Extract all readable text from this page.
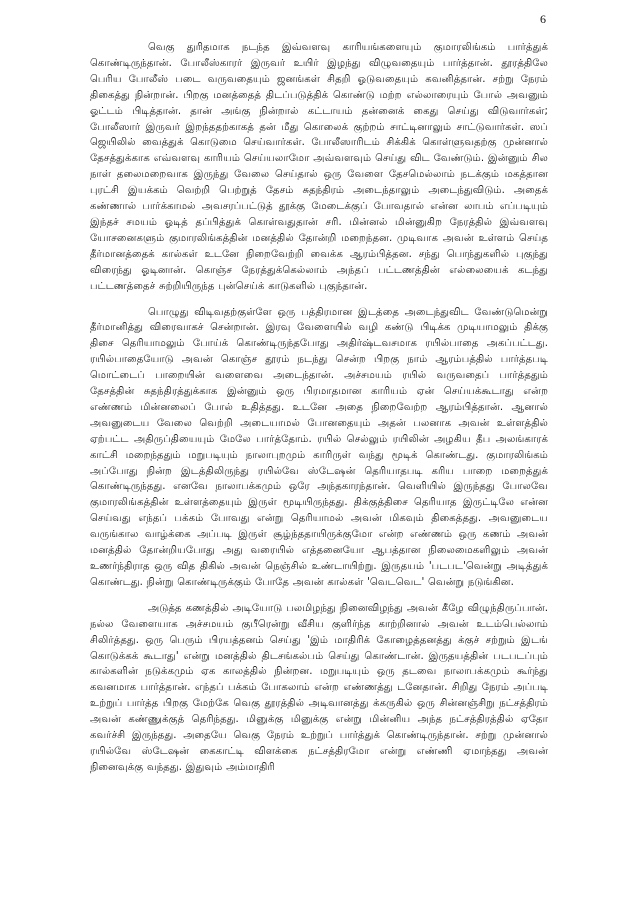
6

வெகு துரிதமாக நடந்த இவ்வளவு காரியங்களையும் குமாரலிங்கம் பார்த்துக் கொண்டிருந்தான். போலீஸ்காரர் இருவர் உயிர் இழந்து விழுவதையும் பார்த்தான். தூரத்திலே பெரிய போலீஸ் படை வருவதையும் ஜனங்கள் சிதறி ஓடுவதையும் கவனித்தான். சற்று நேரம் திகைத்து நின்றான். பிறகு மனத்தைத் திடப்படுத்திக் கொண்டு மற்ற எல்லாரையும் போல் அவனும் ஓட்டம் பிடித்தான். தான் அங்கு நின்றால் கட்டாயம் தன்னைக் கைது செய்து விடுவார்கள்; போலீஸார் இருவர் இறந்ததற்காகத் தன் மீது கொலைக் குற்றம் சாட்டினாலும் சாட்டுவார்கள். ஸப் ஜெயிலில் வைத்துக் கொடுமை செய்வார்கள். போலீஸாரிடம் சிக்கிக் கொள்ளுவதற்கு முன்னால் தேசத்துக்காக எவ்வளவு காரியம் செய்யலாமோ அவ்வளவும் செய்து விட வேண்டும். இன்னும் சில நாள் தலைமறைவாக இருந்து வேலை செய்தால் ஒரு வேளை தேசமெல்லாம் நடக்கும் மகத்தான புரட்சி இயக்கம் வெற்றி பெற்றுத் தேசம் சுதந்திரம் அடைந்தாலும் அடைந்துவிடும். அதைக் கண்ணால் பார்க்காமல் அவசரப்பட்டுத் தூக்கு மேடைக்குப் போவதால் என்ன லாபம் எப்படியும் இந்தச் சமயம் ஓடித் தப்பித்துக் கொள்வதுதான் சரி. மின்னல் மின்னுகிற நேரத்தில் இவ்வளவு யோசனைகளும் குமாரலிங்கத்தின் மனத்தில் தோன்றி மறைந்தன. முடிவாக அவன் உள்ளம் செய்த தீர்மானத்தைக் கால்கள் உடனே நிறைவேற்றி வைக்க ஆரம்பித்தன. சந்து பொந்துகளில் புகுந்து விரைந்து ஓடினான். கொஞ்ச நேரத்துக்கெல்லாம் அந்தப் பட்டணத்தின் எல்லையைக் கடந்து பட்டணத்தைச் சுற்றியிருந்த புன்செய்க் காடுகளில் புகுந்தான்.

பொழுது விடிவதற்குள்ளே ஒரு பத்திரமான இடத்தை அடைந்துவிட வேண்டுமென்று தீர்மானித்து விரைவாகச் சென்றான். இரவு வேளையில் வழி கண்டு பிடிக்க முடியாமலும் திக்கு திசை தெரியாமலும் போய்க் கொண்டிருந்தபோது அதிர்ஷ்டவசமாக ரயில்பாதை அகப்பட்டது. ரயில்பாதையோடு அவன் கொஞ்ச தூரம் நடந்து சென்ற பிறகு நாம் ஆரம்பத்தில் பார்த்தபடி மொட்டைப் பாறையின் வளைவை அடைந்தான். அச்சமயம் ரயில் வருவதைப் பார்த்ததும் தேசத்தின் சுதந்திரத்துக்காக இன்னும் ஒரு பிரமாதமான காரியம் ஏன் செய்யக்கூடாது என்ற எண்ணம் மின்னலைப் போல் உதித்தது. உடனே அதை நிறைவேற்ற ஆரம்பித்தான். ஆனால் அவனுடைய வேலை வெற்றி அடையாமல் போனதையும் அதன் பலனாக அவன் உள்ளத்தில் ஏற்பட்ட அதிருப்தியையும் மேலே பார்த்தோம். ரயில் செல்லும் ரயிலின் அழகிய தீப அலங்காரக் காட்சி மறைந்ததும் மறுபடியும் நாலாபுறமும் காரிருள் வந்து மூடிக் கொண்டது. குமாரலிங்கம் அப்போது நின்ற இடத்திலிருந்து ரயில்வே ஸ்டேஷன் தெரியாதபடி கரிய பாறை மறைத்துக் கொண்டிருந்தது. எனவே நாலாபக்கமும் ஒரே அந்தகாரந்தான். வெளியில் இருந்தது போலவே குமாரலிங்கத்தின் உள்ளத்தையும் இருள் மூடியிருந்தது. திக்குத்திசை தெரியாத இருட்டிலே என்ன செய்வது எந்தப் பக்கம் போவது என்று தெரியாமல் அவன் மிகவும் திகைத்தது. அவனுடைய வருங்கால வாழ்க்கை அப்படி இருள் சூழ்ந்ததாயிருக்குமோ என்ற எண்ணம் ஒரு கணம் அவன் மனத்தில் தோன்றியபோது அது வரையில் எத்தனையோ ஆபத்தான நிலைமைகளிலும் அவன் உணர்ந்திராத ஒரு வித திகில் அவன் நெஞ்சில் உண்டாயிற்று. இருதயம் 'படபட'வென்று அடித்துக் கொண்டது. நின்று கொண்டிருக்கும் போதே அவன் கால்கள் 'வெடவெட' வென்று நடுங்கின.

அடுத்த கணத்தில் அடியோடு பலமிழந்து நினைவிழந்து அவன் கீழே விழுந்திருப்பான். நல்ல வேளையாக அச்சமயம் குபீரென்று வீசிய குளிர்ந்த காற்றினால் அவன் உடம்பெல்லாம் சிலிர்த்தது. ஒரு பெரும் பிரயத்தனம் செய்து 'இம் மாதிரிக் கோழைத்தனத்து க்குச் சற்றும் இடங் கொடுக்கக் கூடாது' என்று மனத்தில் திடசங்கல்பம் செய்து கொண்டான். இருதயத்தின் படபடப்பும் கால்களின் நடுக்கமும் ஏக காலத்தில் நின்றன. மறுபடியும் ஒரு தடவை நாலாபக்கமும் கூர்ந்து கவனமாக பார்த்தான். எந்தப் பக்கம் போகலாம் என்ற எண்ணத்து டனேதான். சிறிது நேரம் அப்படி உற்றுப் பார்த்த பிறகு மேற்கே வெகு தூரத்தில் அடிவானத்து க்கருகில் ஒரு சின்னஞ்சிறு நட்சத்திரம் அவன் கண்ணுக்குத் தெரிந்தது. மினுக்கு மினுக்கு என்று மின்னிய அந்த நட்சத்திரத்தில் ஏதோ கவர்ச்சி இருந்தது. அதையே வெகு நேரம் உற்றுப் பார்த்துக் கொண்டிருந்தான். சற்று முன்னால் ரயில்வே ஸ்டேஷன் கைகாட்டி விளக்கை நட்சத்திரமோ என்று எண்ணி ஏமாந்தது அவன் நினைவுக்கு வந்தது. இதுவும் அம்மாதிரி
